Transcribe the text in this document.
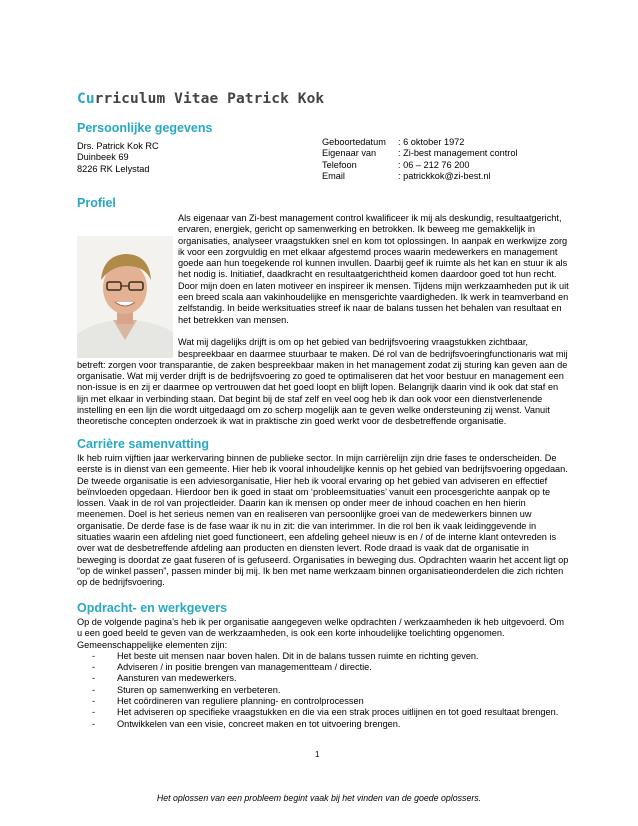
Curriculum Vitae Patrick Kok
Persoonlijke gegevens
Drs. Patrick Kok RC
Duinbeek 69
8226 RK Lelystad
Geboortedatum	: 6 oktober 1972
Eigenaar van	: Zi-best management control
Telefoon	: 06 – 212 76 200
Email	: patrickkok@zi-best.nl
Profiel

Als eigenaar van Zi-best management control kwalificeer ik mij als deskundig, resultaatgericht, ervaren, energiek, gericht op samenwerking en betrokken. Ik beweeg me gemakkelijk in organisaties, analyseer vraagstukken snel en kom tot oplossingen. In aanpak en werkwijze zorg ik voor een zorgvuldig en met elkaar afgestemd proces waarin medewerkers en management goede aan hun toegekende rol kunnen invullen. Daarbij geef ik ruimte als het kan en stuur ik als het nodig is. Initiatief, daadkracht en resultaatgerichtheid komen daardoor goed tot hun recht. Door mijn doen en laten motiveer en inspireer ik mensen. Tijdens mijn werkzaamheden put ik uit een breed scala aan vakinhoudelijke en mensgerichte vaardigheden. Ik werk in teamverband en zelfstandig. In beide werksituaties streef ik naar de balans tussen het behalen van resultaat en het betrekken van mensen.

Wat mij dagelijks drijft is om op het gebied van bedrijfsvoering vraagstukken zichtbaar, bespreekbaar en daarmee stuurbaar te maken. Dé rol van de bedrijfsvoeringfunctionaris wat mij betreft: zorgen voor transparantie, de zaken bespreekbaar maken in het management zodat zij sturing kan geven aan de organisatie. Wat mij verder drijft is de bedrijfsvoering zo goed te optimaliseren dat het voor bestuur en management een non-issue is en zij er daarmee op vertrouwen dat het goed loopt en blijft lopen. Belangrijk daarin vind ik ook dat staf en lijn met elkaar in verbinding staan. Dat begint bij de staf zelf en veel oog heb ik dan ook voor een dienstverlenende instelling en een lijn die wordt uitgedaagd om zo scherp mogelijk aan te geven welke ondersteuning zij wenst. Vanuit theoretische concepten onderzoek ik wat in praktische zin goed werkt voor de desbetreffende organisatie.

Carrière samenvatting
Ik heb ruim vijftien jaar werkervaring binnen de publieke sector. In mijn carrièrelijn zijn drie fases te onderscheiden. De eerste is in dienst van een gemeente. Hier heb ik vooral inhoudelijke kennis op het gebied van bedrijfsvoering opgedaan. De tweede organisatie is een adviesorganisatie, Hier heb ik vooral ervaring op het gebied van adviseren en effectief beïnvloeden opgedaan. Hierdoor ben ik goed in staat om ‘probleemsituaties’ vanuit een procesgerichte aanpak op te lossen. Vaak in de rol van projectleider. Daarin kan ik mensen op onder meer de inhoud coachen en hen hierin meenemen. Doel is het serieus nemen van en realiseren van persoonlijke groei van de medewerkers binnen uw organisatie. De derde fase is de fase waar ik nu in zit: die van interimmer. In die rol ben ik vaak leidinggevende in situaties waarin een afdeling niet goed functioneert, een afdeling geheel nieuw is en / of de interne klant ontevreden is over wat de desbetreffende afdeling aan producten en diensten levert. Rode draad is vaak dat de organisatie in beweging is doordat ze gaat fuseren of is gefuseerd. Organisaties in beweging dus. Opdrachten waarin het accent ligt op “op de winkel passen”, passen minder bij mij. Ik ben met name werkzaam binnen organisatieonderdelen die zich richten op de bedrijfsvoering.
Opdracht- en werkgevers

Op de volgende pagina’s heb ik per organisatie aangegeven welke opdrachten / werkzaamheden ik heb uitgevoerd. Om u een goed beeld te geven van de werkzaamheden, is ook een korte inhoudelijke toelichting opgenomen. Gemeenschappelijke elementen zijn:

- Het beste uit mensen naar boven halen. Dit in de balans tussen ruimte en richting geven.
- Adviseren / in positie brengen van managementteam / directie.
- Aansturen van medewerkers.
- Sturen op samenwerking en verbeteren.
- Het coördineren van reguliere planning- en controlprocessen
- Het adviseren op specifieke vraagstukken en die via een strak proces uitlijnen en tot goed resultaat brengen.
- Ontwikkelen van een visie, concreet maken en tot uitvoering brengen.
1
Het oplossen van een probleem begint vaak bij het vinden van de goede oplossers.
